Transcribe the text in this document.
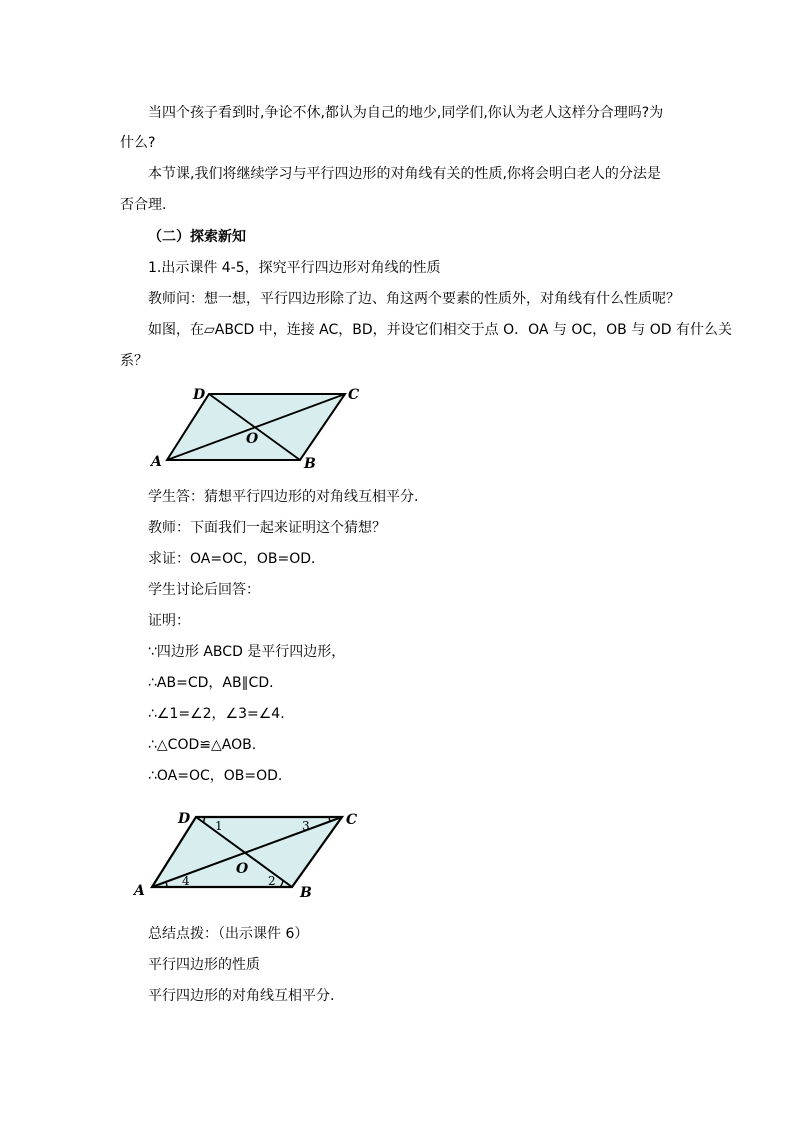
当四个孩子看到时,争论不休,都认为自己的地少,同学们,你认为老人这样分合理吗?为
什么?
本节课,我们将继续学习与平行四边形的对角线有关的性质,你将会明白老人的分法是
否合理.
（二）探索新知
1.出示课件 4-5，探究平行四边形对角线的性质
教师问：想一想，平行四边形除了边、角这两个要素的性质外，对角线有什么性质呢？
如图，在▱ABCD 中，连接 AC，BD，并设它们相交于点 O．OA 与 OC，OB 与 OD 有什么关
系？
D	C
A	B
O
学生答：猜想平行四边形的对角线互相平分.
教师：下面我们一起来证明这个猜想？
求证：OA=OC，OB=OD．
学生讨论后回答：
证明：
∵四边形 ABCD 是平行四边形，
∴AB=CD，AB∥CD.
∴∠1=∠2，∠3=∠4.
∴△COD≌△AOB.
∴OA=OC，OB=OD.
D	C
A	B
O
1	3
4	2
总结点拨：（出示课件 6）
平行四边形的性质
平行四边形的对角线互相平分.
